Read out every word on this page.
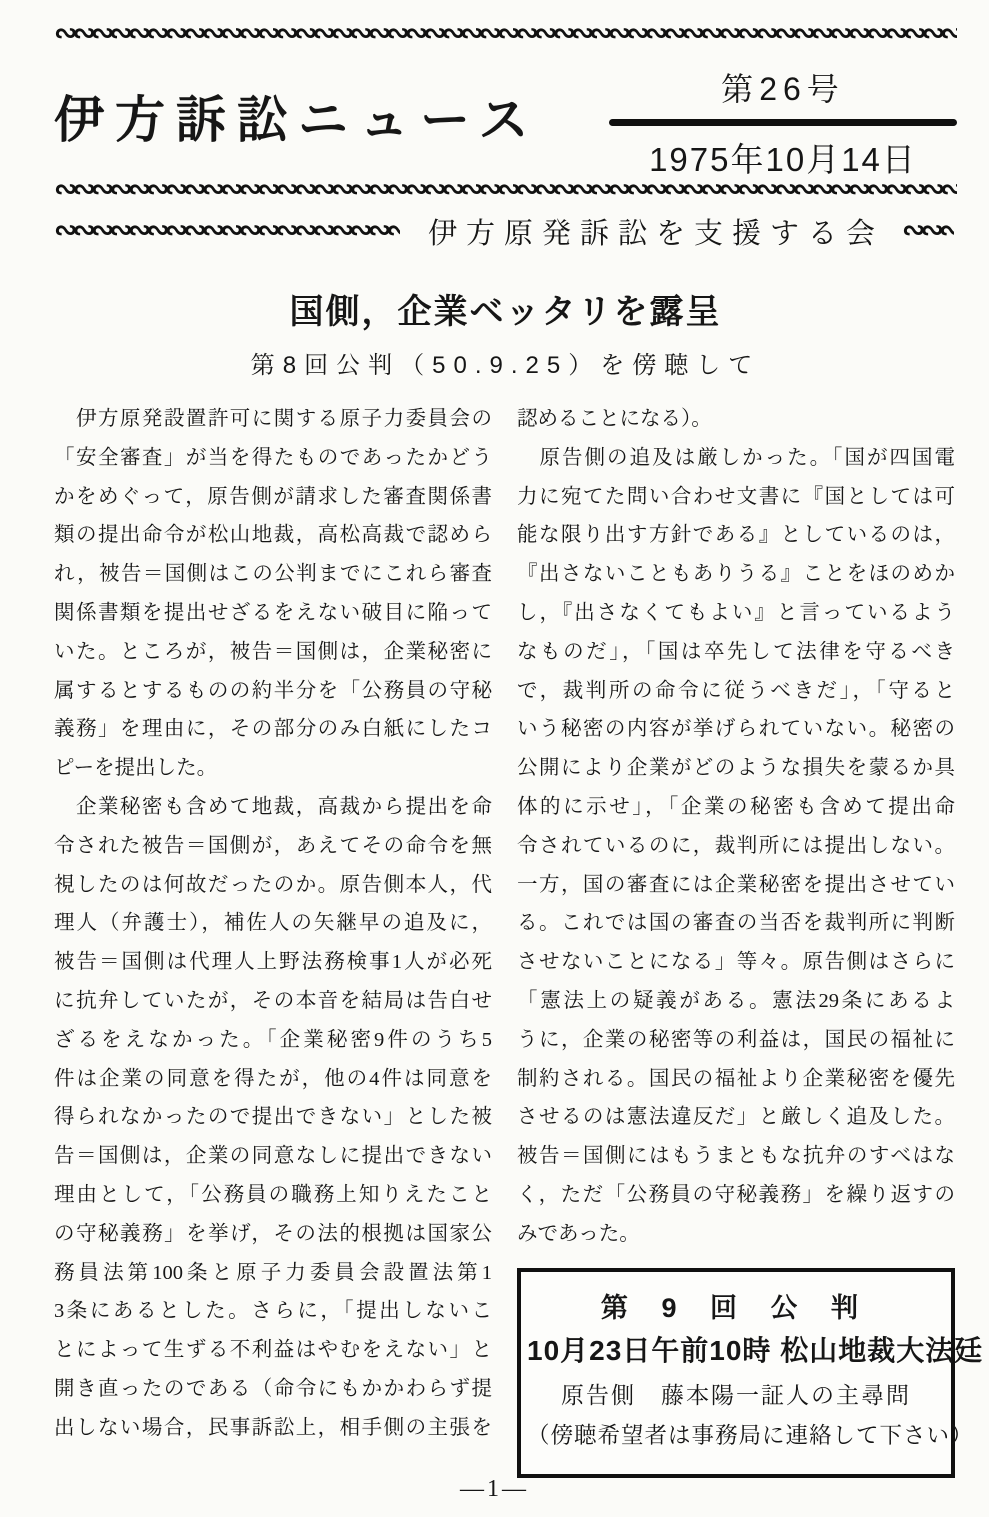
∾∾∾∾∾∾∾∾∾∾∾∾∾∾∾∾∾∾∾∾∾∾∾∾∾∾∾∾∾∾∾∾∾∾∾∾∾∾∾∾∾∾∾∾∾∾∾∾∾∾∾∾∾∾∾∾∾∾∾∾∾∾∾∾∾∾∾∾∾∾∾∾∾∾∾∾∾∾∾∾∾∾∾∾∾∾∾∾∾∾
伊方訴訟ニュース
第26号
1975年10月14日
∾∾∾∾∾∾∾∾∾∾∾∾∾∾∾∾∾∾∾∾∾∾∾∾∾∾∾∾∾∾∾∾∾∾∾∾∾∾∾∾∾∾∾∾∾∾∾∾∾∾∾∾∾∾∾∾∾∾∾∾∾∾∾∾∾∾∾∾∾∾∾∾∾∾∾∾∾∾∾∾∾∾∾∾∾∾∾∾∾∾
∾∾∾∾∾∾∾∾∾∾∾∾∾∾∾∾∾∾∾∾∾∾∾∾∾∾∾∾∾∾∾∾∾∾∾∾∾∾∾∾∾∾∾∾∾∾∾∾∾∾∾∾∾∾∾∾∾∾∾∾∾∾∾∾∾∾∾∾∾∾∾∾∾∾∾∾∾∾∾∾∾∾∾∾∾∾∾∾∾∾
伊方原発訴訟を支援する会
∾∾∾∾∾∾∾∾∾∾∾∾∾∾∾∾∾∾∾∾∾∾∾∾∾∾∾∾∾∾∾∾∾∾∾∾∾∾∾∾∾∾∾∾∾∾∾∾∾∾∾∾∾∾∾∾∾∾∾∾∾∾∾∾∾∾∾∾∾∾∾∾∾∾∾∾∾∾∾∾∾∾∾∾∾∾∾∾∾∾
国側，企業ベッタリを露呈
第8回公判（50.9.25）を傍聴して
　伊方原発設置許可に関する原子力委員会の
「安全審査」が当を得たものであったかどう
かをめぐって，原告側が請求した審査関係書
類の提出命令が松山地裁，高松高裁で認めら
れ，被告＝国側はこの公判までにこれら審査
関係書類を提出せざるをえない破目に陥って
いた。ところが，被告＝国側は，企業秘密に
属するとするものの約半分を「公務員の守秘
義務」を理由に，その部分のみ白紙にしたコ
ピーを提出した。
　企業秘密も含めて地裁，高裁から提出を命
令された被告＝国側が，あえてその命令を無
視したのは何故だったのか。原告側本人，代
理人（弁護士），補佐人の矢継早の追及に，
被告＝国側は代理人上野法務検事1人が必死
に抗弁していたが，その本音を結局は告白せ
ざるをえなかった。「企業秘密9件のうち5
件は企業の同意を得たが，他の4件は同意を
得られなかったので提出できない」とした被
告＝国側は，企業の同意なしに提出できない
理由として，「公務員の職務上知りえたこと
の守秘義務」を挙げ，その法的根拠は国家公
務員法第100条と原子力委員会設置法第1
3条にあるとした。さらに，「提出しないこ
とによって生ずる不利益はやむをえない」と
開き直ったのである（命令にもかかわらず提
出しない場合，民事訴訟上，相手側の主張を
認めることになる）。
　原告側の追及は厳しかった。「国が四国電
力に宛てた問い合わせ文書に『国としては可
能な限り出す方針である』としているのは，
『出さないこともありうる』ことをほのめか
し，『出さなくてもよい』と言っているよう
なものだ」，「国は卒先して法律を守るべき
で，裁判所の命令に従うべきだ」，「守ると
いう秘密の内容が挙げられていない。秘密の
公開により企業がどのような損失を蒙るか具
体的に示せ」，「企業の秘密も含めて提出命
令されているのに，裁判所には提出しない。
一方，国の審査には企業秘密を提出させてい
る。これでは国の審査の当否を裁判所に判断
させないことになる」等々。原告側はさらに
「憲法上の疑義がある。憲法29条にあるよ
うに，企業の秘密等の利益は，国民の福祉に
制約される。国民の福祉より企業秘密を優先
させるのは憲法違反だ」と厳しく追及した。
被告＝国側にはもうまともな抗弁のすべはな
く，ただ「公務員の守秘義務」を繰り返すの
みであった。
第 9 回 公 判
10月23日午前10時 松山地裁大法廷
原告側　藤本陽一証人の主尋問
（傍聴希望者は事務局に連絡して下さい）
—1—
